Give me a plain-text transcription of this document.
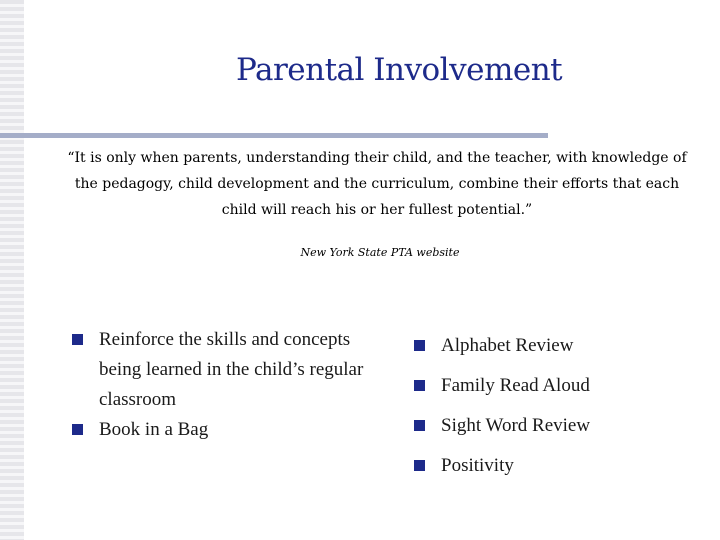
Parental Involvement

“It is only when parents, understanding their child, and the teacher, with knowledge of the pedagogy, child development and the curriculum, combine their efforts that each child will reach his or her fullest potential.”

New York State PTA website
Reinforce the skills and concepts being learned in the child’s regular classroom
Book in a Bag
Alphabet Review
Family Read Aloud
Sight Word Review
Positivity
